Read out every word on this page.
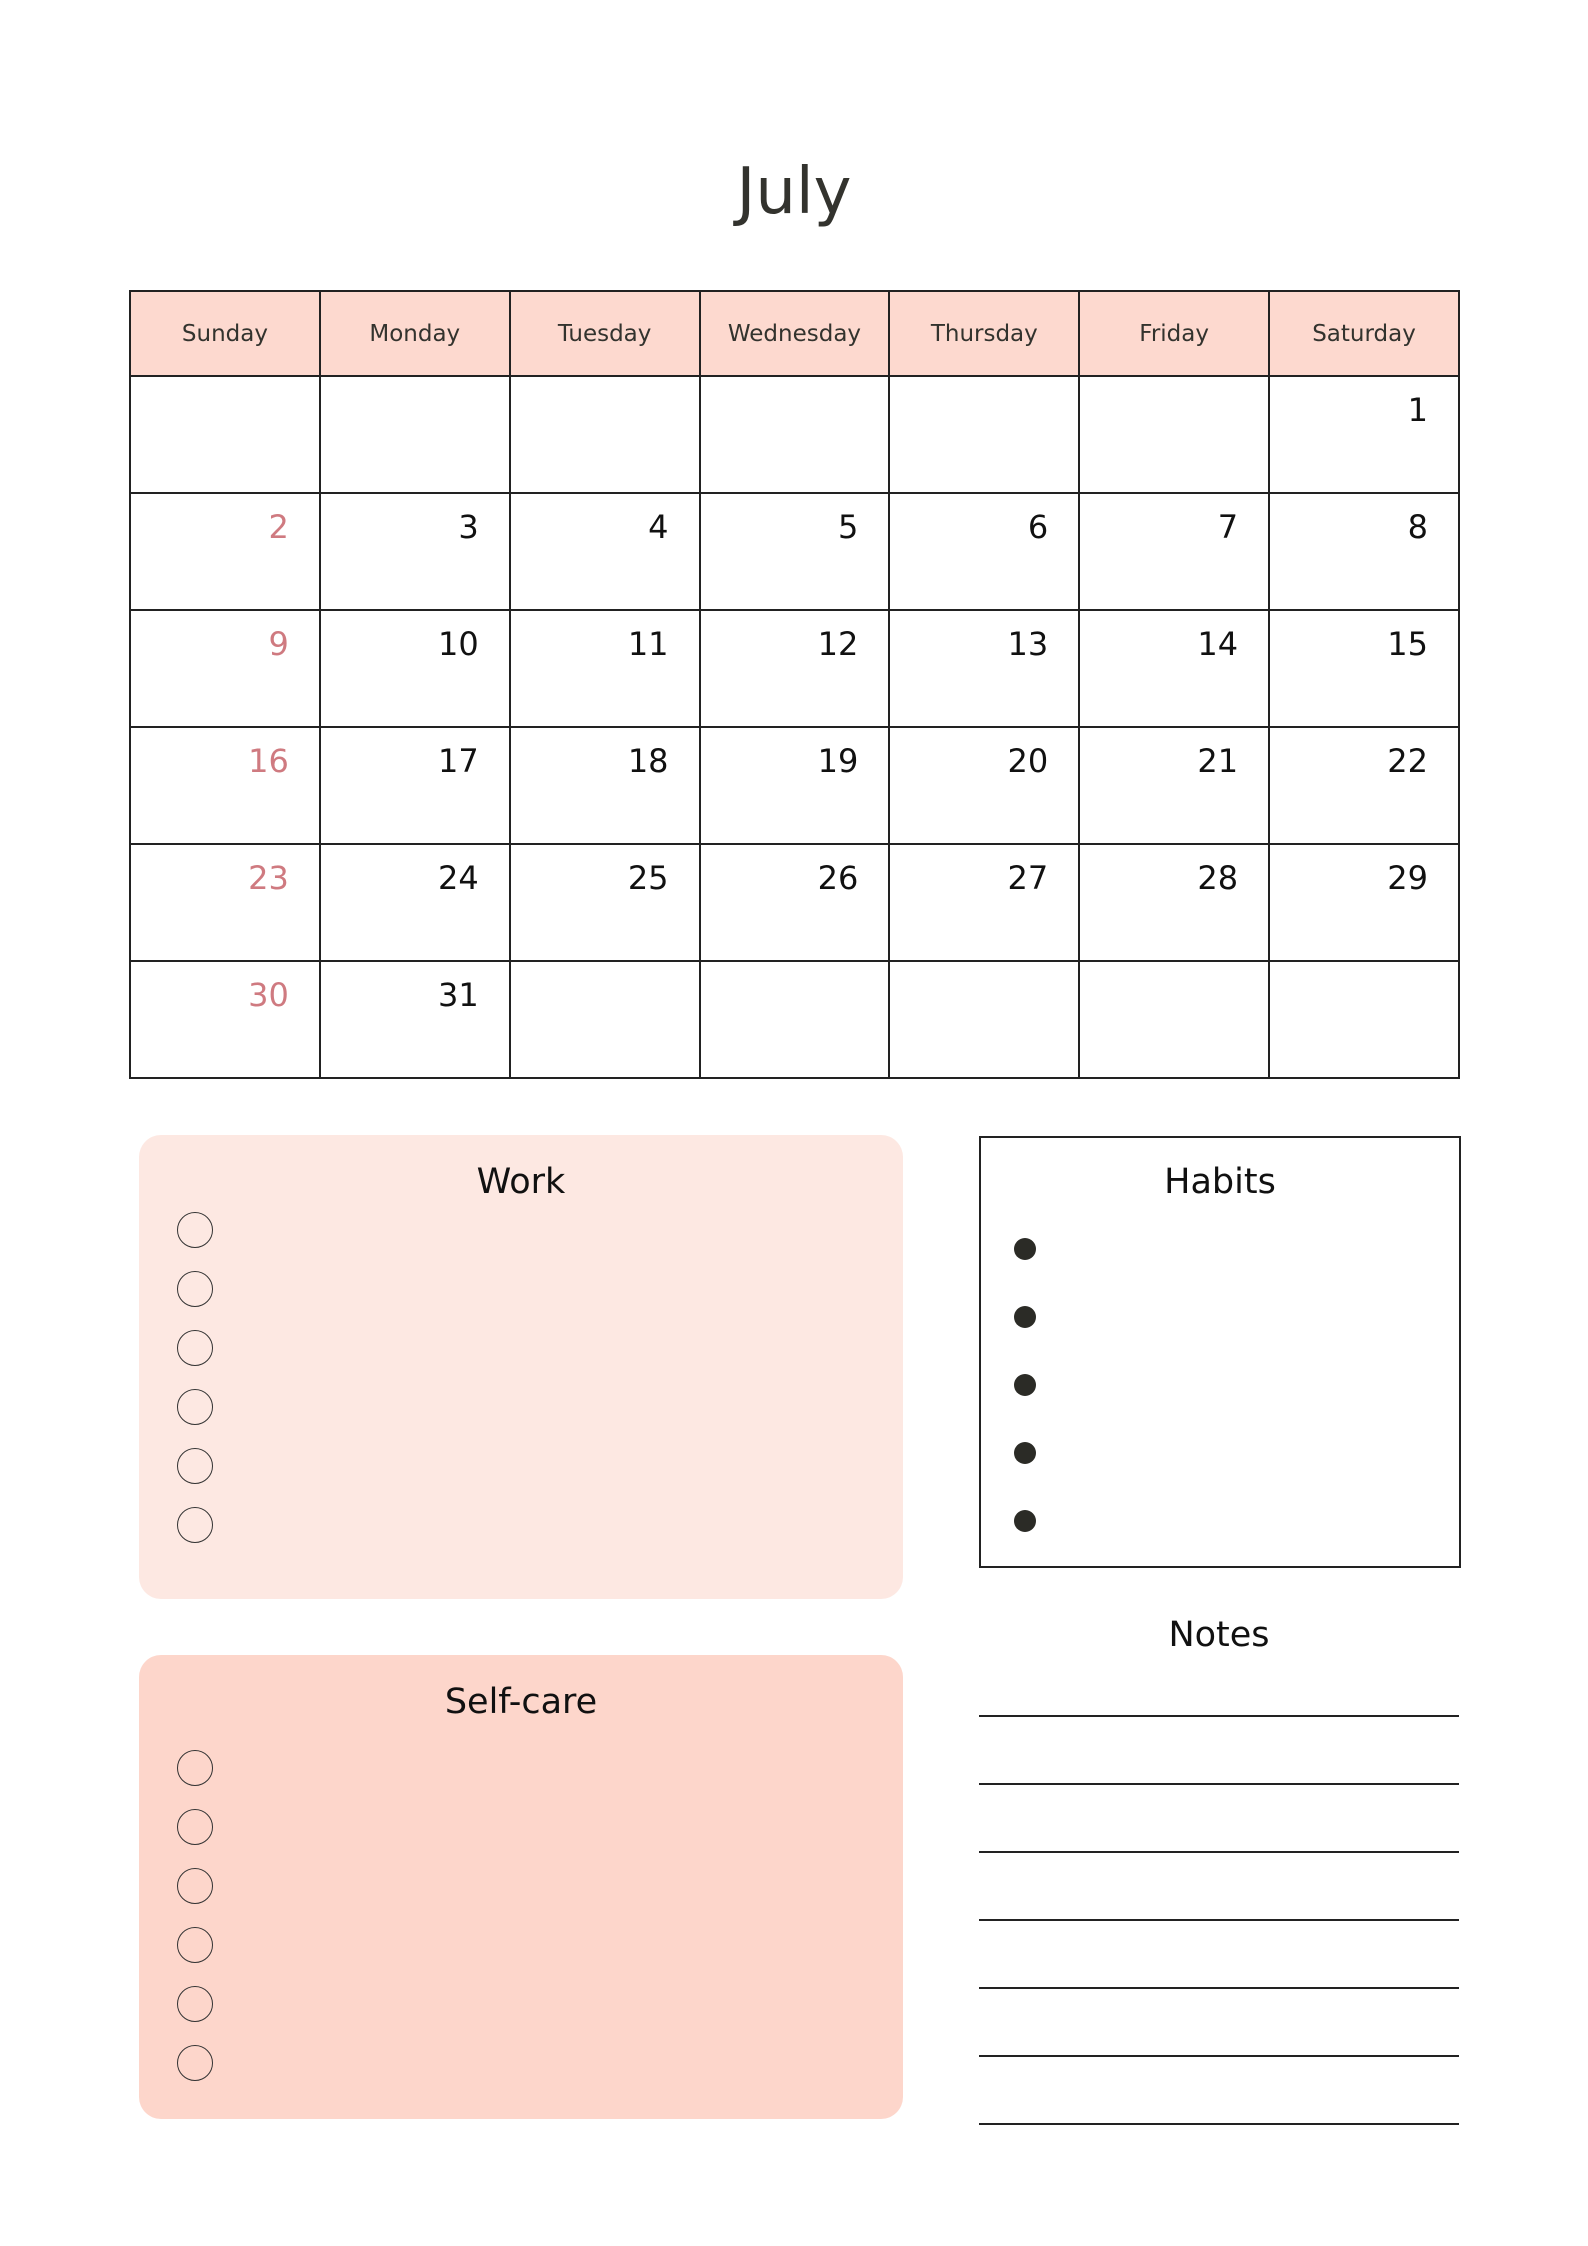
July
Sunday	Monday	Tuesday	Wednesday	Thursday	Friday	Saturday
						1
2	3	4	5	6	7	8
9	10	11	12	13	14	15
16	17	18	19	20	21	22
23	24	25	26	27	28	29
30	31					
Work
Self-care
Habits
Notes
